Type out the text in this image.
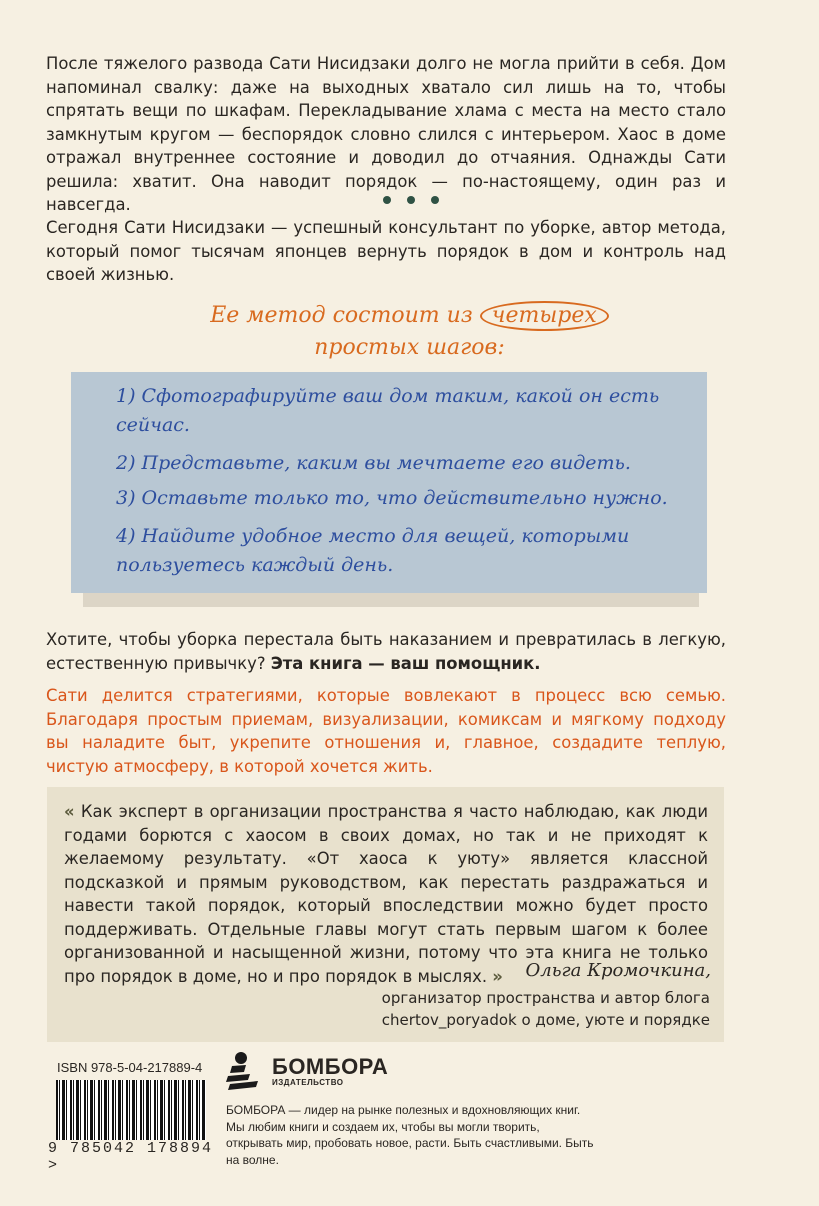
После тяжелого развода Сати Нисидзаки долго не могла прийти в себя. Дом напоминал свалку: даже на выходных хватало сил лишь на то, чтобы спрятать вещи по шкафам. Перекладывание хлама с места на место стало замкнутым кругом — беспорядок словно слился с интерьером. Хаос в доме отражал внутреннее состояние и доводил до отчаяния. Однажды Сати решила: хватит. Она наводит порядок — по-настоящему, один раз и навсегда.

Сегодня Сати Нисидзаки — успешный консультант по уборке, автор метода, который помог тысячам японцев вернуть порядок в дом и контроль над своей жизнью.

Ее метод состоит из четырех
простых шагов:

1) Сфотографируйте ваш дом таким, какой он есть сейчас.

2) Представьте, каким вы мечтаете его видеть.

3) Оставьте только то, что действительно нужно.

4) Найдите удобное место для вещей, которыми пользуетесь каждый день.

Хотите, чтобы уборка перестала быть наказанием и превратилась в легкую, естественную привычку? Эта книга — ваш помощник.

Сати делится стратегиями, которые вовлекают в процесс всю семью. Благодаря простым приемам, визуализации, комиксам и мягкому подходу вы наладите быт, укрепите отношения и, главное, создадите теплую, чистую атмосферу, в которой хочется жить.

« Как эксперт в организации пространства я часто наблюдаю, как люди годами борются с хаосом в своих домах, но так и не приходят к желаемому результату. «От хаоса к уюту» является классной подсказкой и прямым руководством, как перестать раздражаться и навести такой порядок, который впоследствии можно будет просто поддерживать. Отдельные главы могут стать первым шагом к более организованной и насыщенной жизни, потому что эта книга не только про порядок в доме, но и про порядок в мыслях. »	Ольга Кромочкина,
организатор пространства и автор блога chertov_poryadok о доме, уюте и порядке
ISBN 978-5-04-217889-4
9 785042 178894 >
БОМБОРА
ИЗДАТЕЛЬСТВО

БОМБОРА — лидер на рынке полезных и вдохновляющих книг. Мы любим книги и создаем их, чтобы вы могли творить, открывать мир, пробовать новое, расти. Быть счастливыми. Быть на волне.
